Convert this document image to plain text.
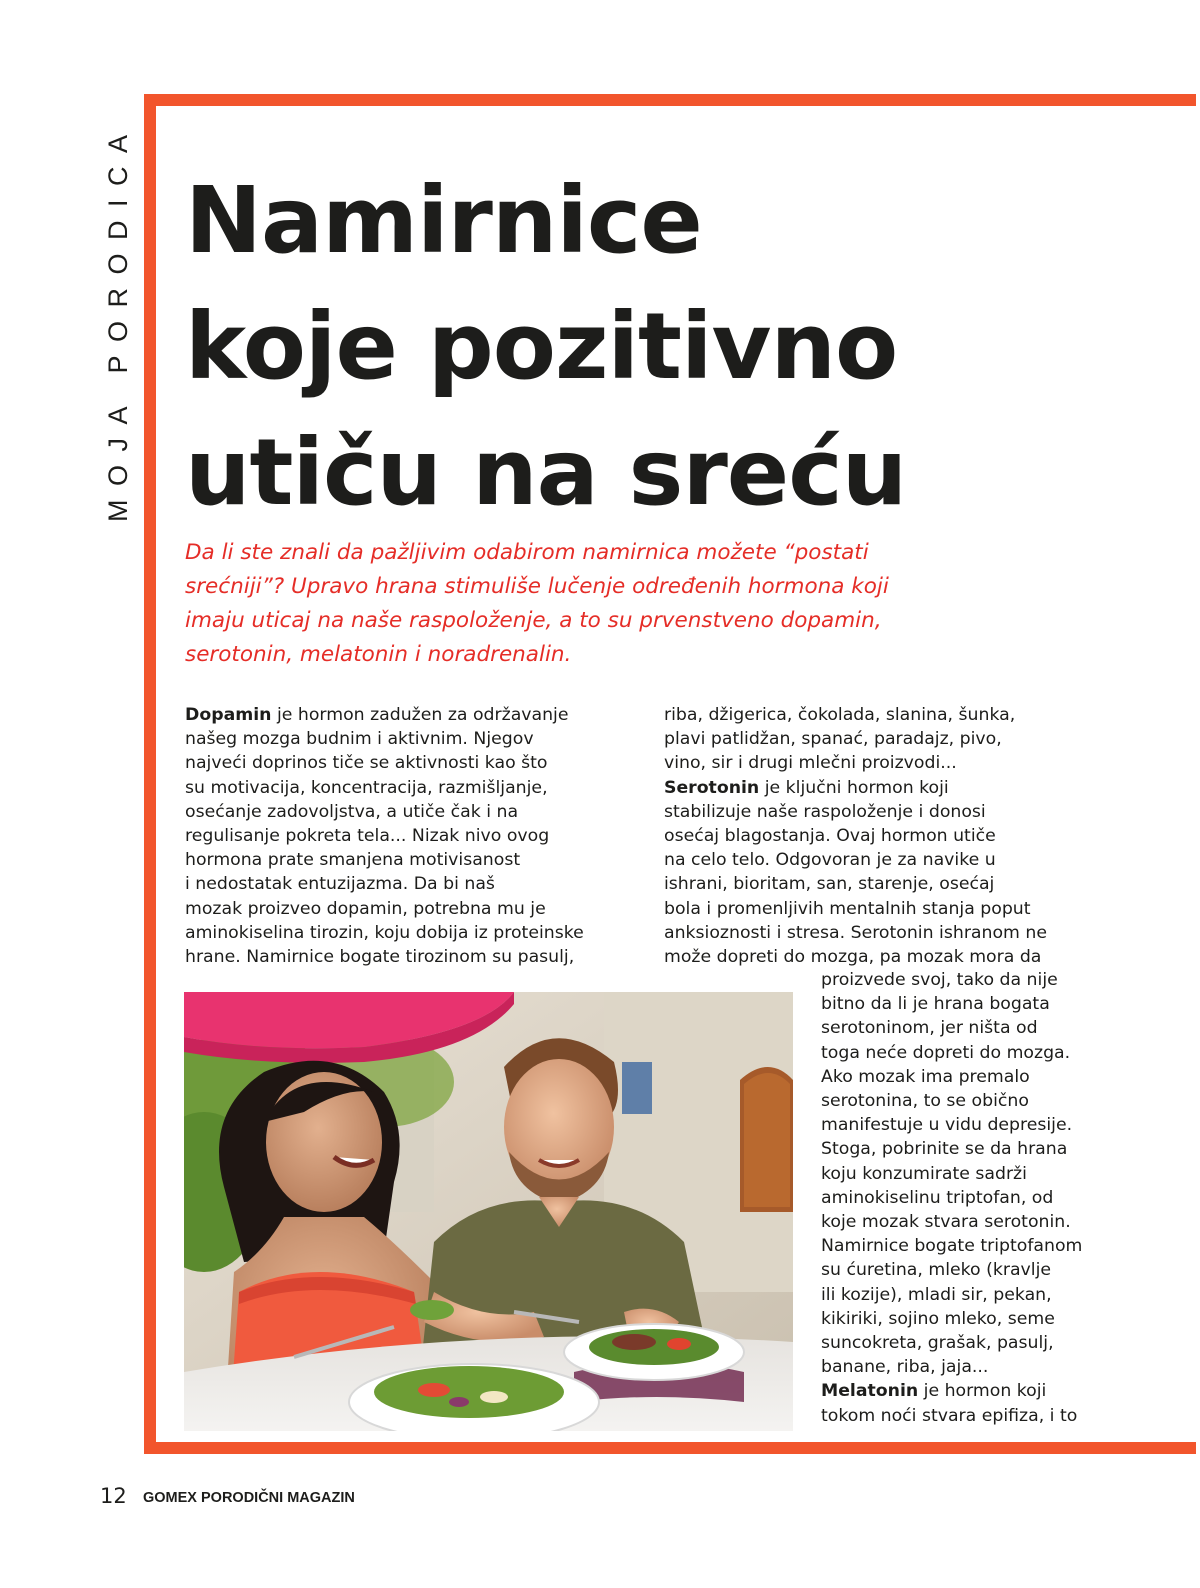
MOJA PORODICA Namirnice
koje pozitivno
utiču na sreću
Da li ste znali da pažljivim odabirom namirnica možete “postati
srećniji”? Upravo hrana stimuliše lučenje određenih hormona koji
imaju uticaj na naše raspoloženje, a to su prvenstveno dopamin,
serotonin, melatonin i noradrenalin.
Dopamin je hormon zadužen za održavanje
našeg mozga budnim i aktivnim. Njegov
najveći doprinos tiče se aktivnosti kao što
su motivacija, koncentracija, razmišljanje,
osećanje zadovoljstva, a utiče čak i na
regulisanje pokreta tela... Nizak nivo ovog
hormona prate smanjena motivisanost
i nedostatak entuzijazma. Da bi naš
mozak proizveo dopamin, potrebna mu je
aminokiselina tirozin, koju dobija iz proteinske
hrane. Namirnice bogate tirozinom su pasulj,
riba, džigerica, čokolada, slanina, šunka,
plavi patlidžan, spanać, paradajz, pivo,
vino, sir i drugi mlečni proizvodi...
Serotonin je ključni hormon koji
stabilizuje naše raspoloženje i donosi
osećaj blagostanja. Ovaj hormon utiče
na celo telo. Odgovoran je za navike u
ishrani, bioritam, san, starenje, osećaj
bola i promenljivih mentalnih stanja poput
anksioznosti i stresa. Serotonin ishranom ne
može dopreti do mozga, pa mozak mora da
proizvede svoj, tako da nije
bitno da li je hrana bogata
serotoninom, jer ništa od
toga neće dopreti do mozga.
Ako mozak ima premalo
serotonina, to se obično
manifestuje u vidu depresije.
Stoga, pobrinite se da hrana
koju konzumirate sadrži
aminokiselinu triptofan, od
koje mozak stvara serotonin.
Namirnice bogate triptofanom
su ćuretina, mleko (kravlje
ili kozije), mladi sir, pekan,
kikiriki, sojino mleko, seme
suncokreta, grašak, pasulj,
banane, riba, jaja...
Melatonin je hormon koji
tokom noći stvara epifiza, i to
12 GOMEX PORODIČNI MAGAZIN
